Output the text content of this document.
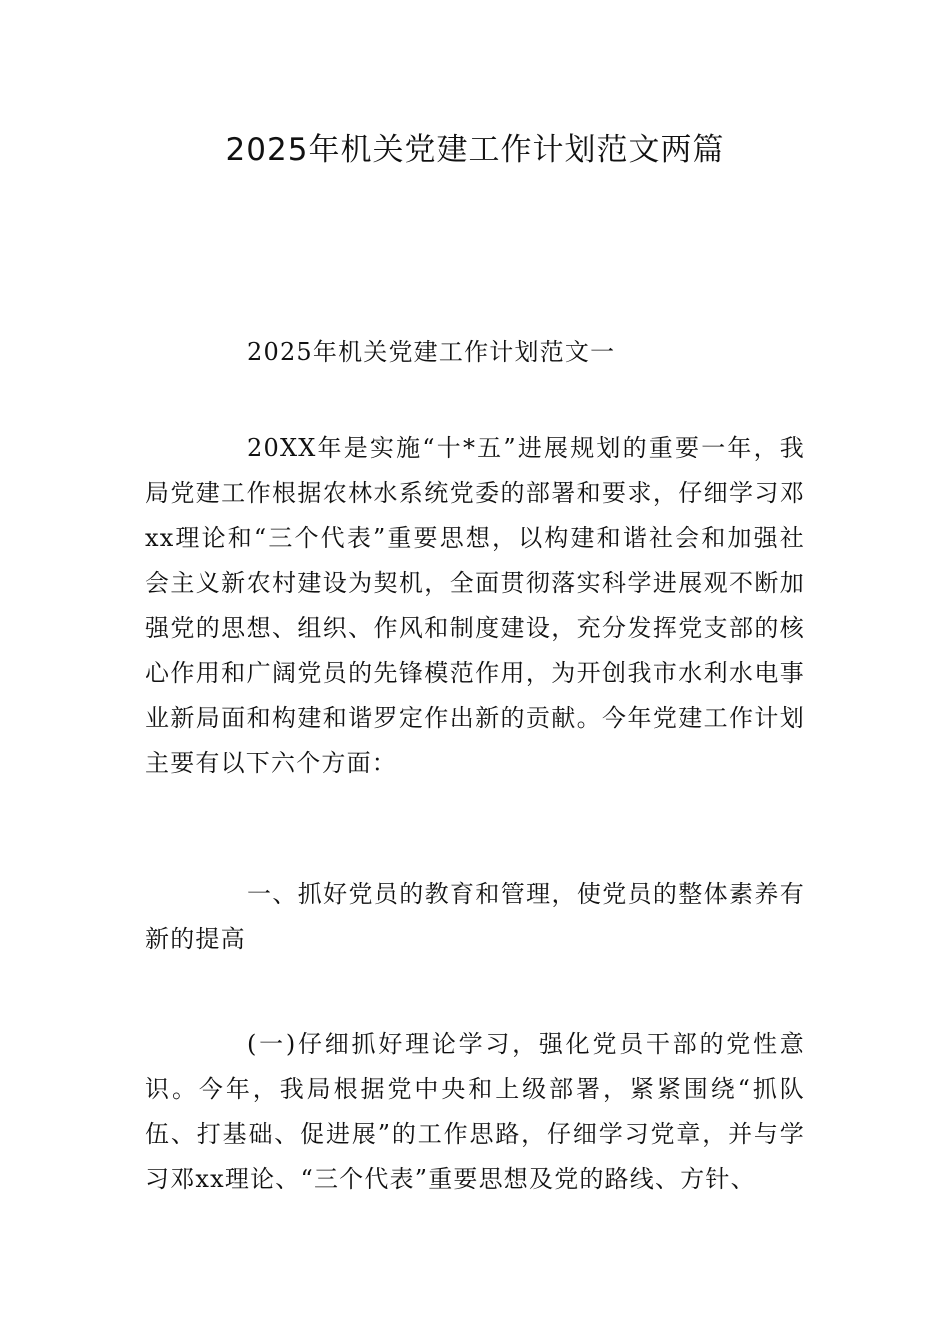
2025年机关党建工作计划范文两篇

2025年机关党建工作计划范文一

20XX年是实施“十*五”进展规划的重要一年，我局党建工作根据农林水系统党委的部署和要求，仔细学习邓xx理论和“三个代表”重要思想，以构建和谐社会和加强社会主义新农村建设为契机，全面贯彻落实科学进展观不断加强党的思想、组织、作风和制度建设，充分发挥党支部的核心作用和广阔党员的先锋模范作用，为开创我市水利水电事业新局面和构建和谐罗定作出新的贡献。今年党建工作计划主要有以下六个方面：

一、抓好党员的教育和管理，使党员的整体素养有新的提高

(一)仔细抓好理论学习，强化党员干部的党性意识。今年，我局根据党中央和上级部署，紧紧围绕“抓队伍、打基础、促进展”的工作思路，仔细学习党章，并与学习邓xx理论、“三个代表”重要思想及党的路线、方针、
